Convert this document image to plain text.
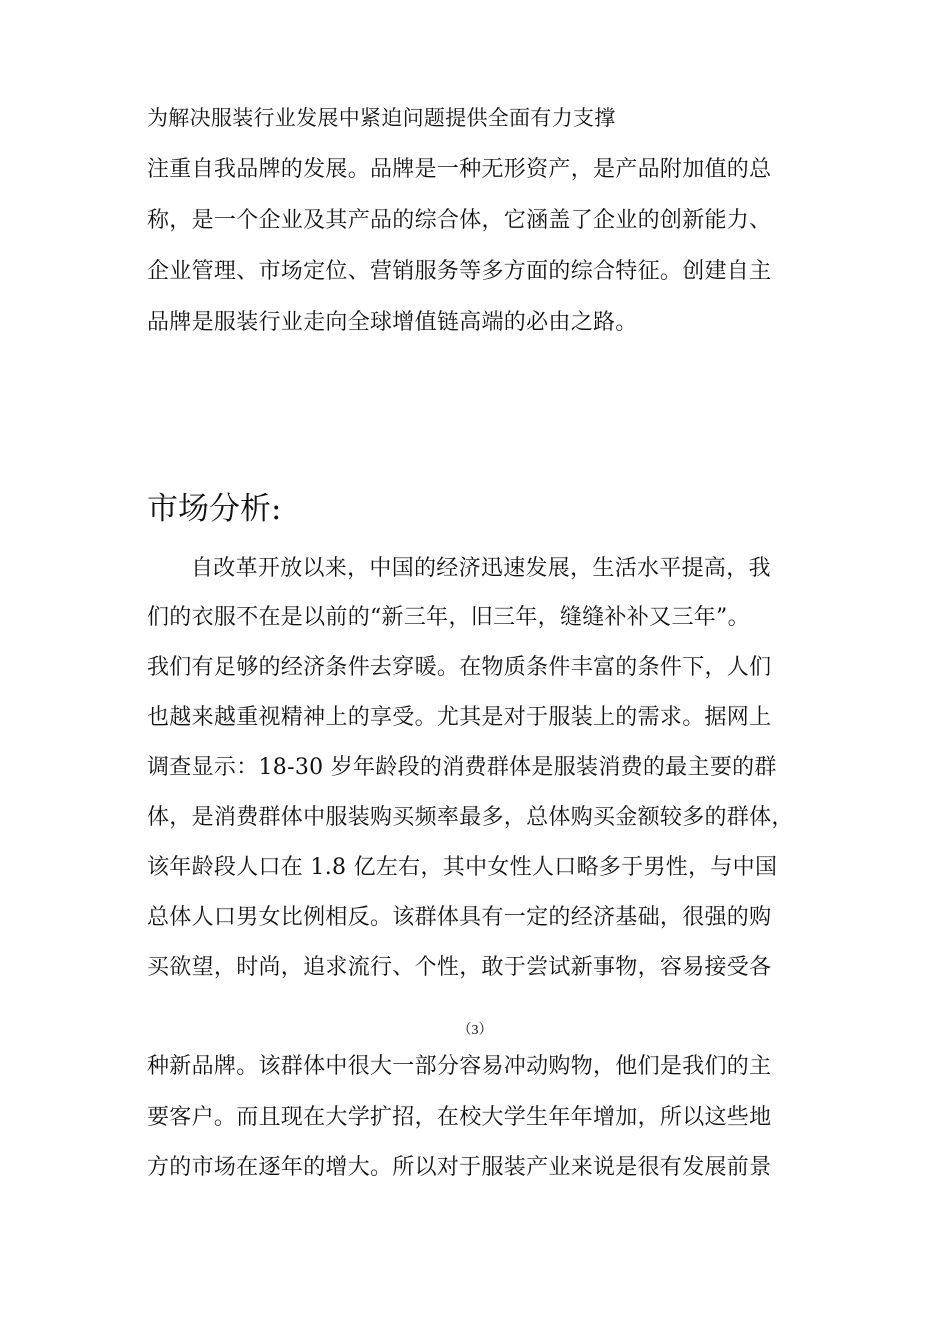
为解决服装行业发展中紧迫问题提供全面有力支撑
注重自我品牌的发展。品牌是一种无形资产，是产品附加值的总
称，是一个企业及其产品的综合体，它涵盖了企业的创新能力、
企业管理、市场定位、营销服务等多方面的综合特征。创建自主
品牌是服装行业走向全球增值链高端的必由之路。
市场分析:
自改革开放以来，中国的经济迅速发展，生活水平提高，我
们的衣服不在是以前的“新三年，旧三年，缝缝补补又三年”。
我们有足够的经济条件去穿暖。在物质条件丰富的条件下，人们
也越来越重视精神上的享受。尤其是对于服装上的需求。据网上
调查显示：18-30 岁年龄段的消费群体是服装消费的最主要的群
体，是消费群体中服装购买频率最多，总体购买金额较多的群体，
该年龄段人口在 1.8 亿左右，其中女性人口略多于男性，与中国
总体人口男女比例相反。该群体具有一定的经济基础，很强的购
买欲望，时尚，追求流行、个性，敢于尝试新事物，容易接受各
（3）
种新品牌。该群体中很大一部分容易冲动购物，他们是我们的主
要客户。而且现在大学扩招，在校大学生年年增加，所以这些地
方的市场在逐年的增大。所以对于服装产业来说是很有发展前景
